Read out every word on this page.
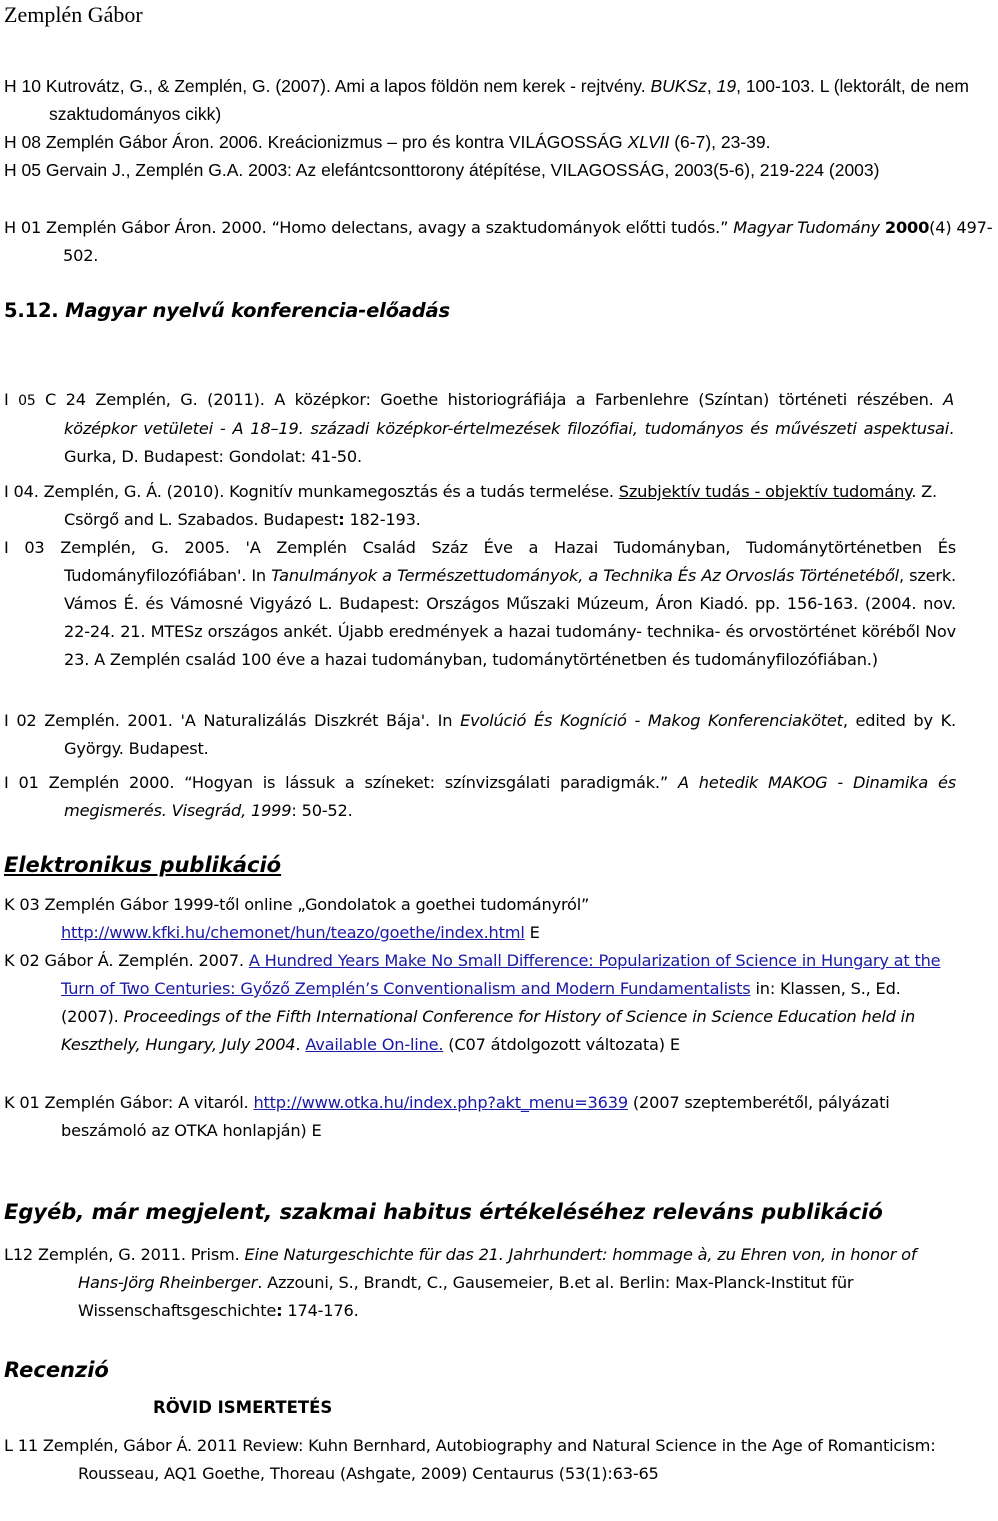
Zemplén Gábor
H 10 Kutrovátz, G., & Zemplén, G. (2007). Ami a lapos földön nem kerek - rejtvény. BUKSz, 19, 100-103. L (lektorált, de nem szaktudományos cikk)
H 08 Zemplén Gábor Áron. 2006. Kreácionizmus – pro és kontra VILÁGOSSÁG XLVII (6-7), 23-39.
H 05 Gervain J., Zemplén G.A. 2003: Az elefántcsonttorony átépítése, VILAGOSSÁG, 2003(5-6), 219-224 (2003)
H 01 Zemplén Gábor Áron. 2000. “Homo delectans, avagy a szaktudományok előtti tudós.” Magyar Tudomány 2000(4) 497-502.
5.12. Magyar nyelvű konferencia-előadás
I 05 C 24 Zemplén, G. (2011). A középkor: Goethe historiográfiája a Farbenlehre (Színtan) történeti részében. A középkor vetületei - A 18–19. századi középkor-értelmezések filozófiai, tudományos és művészeti aspektusai. Gurka, D. Budapest: Gondolat: 41-50.
I 04. Zemplén, G. Á. (2010). Kognitív munkamegosztás és a tudás termelése. Szubjektív tudás - objektív tudomány. Z. Csörgő and L. Szabados. Budapest: 182-193.
I 03 Zemplén, G. 2005. 'A Zemplén Család Száz Éve a Hazai Tudományban, Tudománytörténetben És Tudományfilozófiában'. In Tanulmányok a Természettudományok, a Technika És Az Orvoslás Történetéből, szerk. Vámos É. és Vámosné Vigyázó L. Budapest: Országos Műszaki Múzeum, Áron Kiadó. pp. 156-163. (2004. nov. 22-24. 21. MTESz országos ankét. Újabb eredmények a hazai tudomány- technika- és orvostörténet köréből Nov 23. A Zemplén család 100 éve a hazai tudományban, tudománytörténetben és tudományfilozófiában.)
I 02 Zemplén. 2001. 'A Naturalizálás Diszkrét Bája'. In Evolúció És Kogníció - Makog Konferenciakötet, edited by K. György. Budapest.
I 01 Zemplén 2000. “Hogyan is lássuk a színeket: színvizsgálati paradigmák.” A hetedik MAKOG - Dinamika és megismerés. Visegrád, 1999: 50-52.
Elektronikus publikáció
K 03 Zemplén Gábor 1999-től online „Gondolatok a goethei tudományról” http://www.kfki.hu/chemonet/hun/teazo/goethe/index.html E
K 02 Gábor Á. Zemplén. 2007. A Hundred Years Make No Small Difference: Popularization of Science in Hungary at the Turn of Two Centuries: Győző Zemplén’s Conventionalism and Modern Fundamentalists in: Klassen, S., Ed. (2007). Proceedings of the Fifth International Conference for History of Science in Science Education held in Keszthely, Hungary, July 2004. Available On-line. (C07 átdolgozott változata) E
K 01 Zemplén Gábor: A vitaról. http://www.otka.hu/index.php?akt_menu=3639 (2007 szeptemberétől, pályázati beszámoló az OTKA honlapján) E
Egyéb, már megjelent, szakmai habitus értékeléséhez releváns publikáció
L12 Zemplén, G. 2011. Prism. Eine Naturgeschichte für das 21. Jahrhundert: hommage à, zu Ehren von, in honor of Hans-Jörg Rheinberger. Azzouni, S., Brandt, C., Gausemeier, B.et al. Berlin: Max-Planck-Institut für Wissenschaftsgeschichte: 174-176.
Recenzió
RÖVID ISMERTETÉS
L 11 Zemplén, Gábor Á. 2011 Review: Kuhn Bernhard, Autobiography and Natural Science in the Age of Romanticism: Rousseau, AQ1 Goethe, Thoreau (Ashgate, 2009) Centaurus (53(1):63-65
